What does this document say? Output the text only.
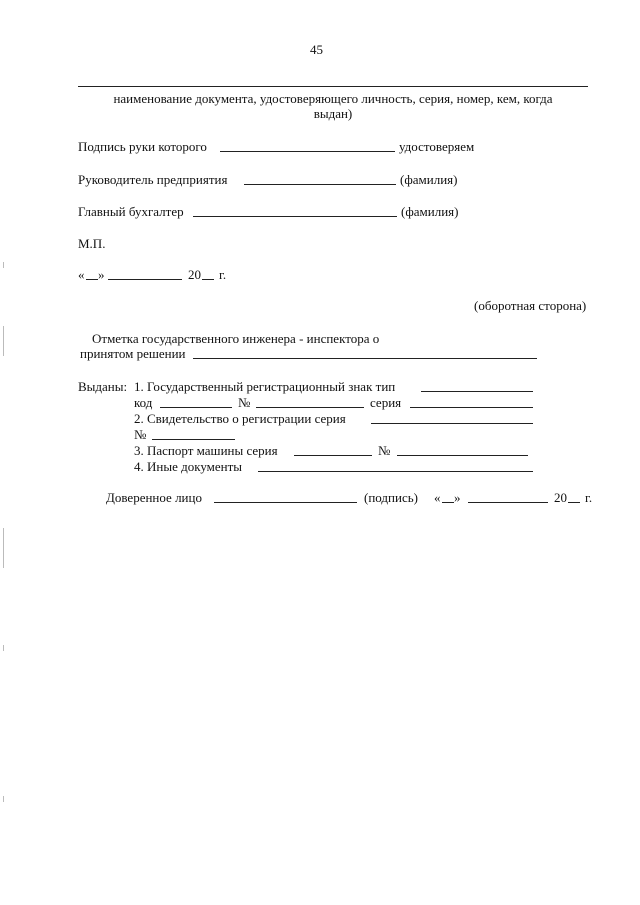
45
наименование документа, удостоверяющего личность, серия, номер, кем, когда
выдан)
Подпись руки которого	удостоверяем
Руководитель предприятия	(фамилия)
Главный бухгалтер	(фамилия)
М.П.
« »	20 г.
(оборотная сторона)
Отметка государственного инженера - инспектора о
принятом решении
Выданы: 1. Государственный регистрационный знак тип
код	№	серия
2. Свидетельство о регистрации серия
№
3. Паспорт машины серия	№
4. Иные документы
Доверенное лицо	(подпись) « »	20 г.
